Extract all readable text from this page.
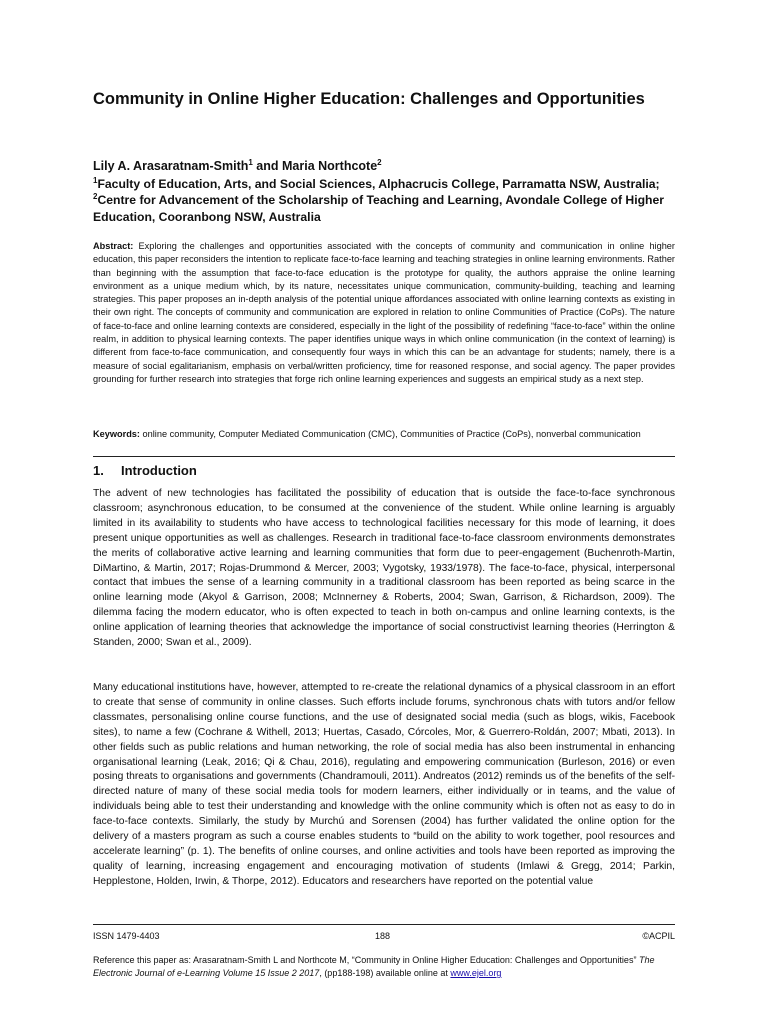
Community in Online Higher Education: Challenges and Opportunities
Lily A. Arasaratnam-Smith$^1$ and Maria Northcote$^2$
$^1$Faculty of Education, Arts, and Social Sciences, Alphacrucis College, Parramatta NSW, Australia;
$^2$Centre for Advancement of the Scholarship of Teaching and Learning, Avondale College of Higher Education, Cooranbong NSW, Australia

Abstract: Exploring the challenges and opportunities associated with the concepts of community and communication in online higher education, this paper reconsiders the intention to replicate face-to-face learning and teaching strategies in online learning environments. Rather than beginning with the assumption that face-to-face education is the prototype for quality, the authors appraise the online learning environment as a unique medium which, by its nature, necessitates unique communication, community-building, teaching and learning strategies. This paper proposes an in-depth analysis of the potential unique affordances associated with online learning contexts as existing in their own right. The concepts of community and communication are explored in relation to online Communities of Practice (CoPs). The nature of face-to-face and online learning contexts are considered, especially in the light of the possibility of redefining “face-to-face” within the online realm, in addition to physical learning contexts. The paper identifies unique ways in which online communication (in the context of learning) is different from face-to-face communication, and consequently four ways in which this can be an advantage for students; namely, there is a measure of social egalitarianism, emphasis on verbal/written proficiency, time for reasoned response, and social agency. The paper provides grounding for further research into strategies that forge rich online learning experiences and suggests an empirical study as a next step.

Keywords: online community, Computer Mediated Communication (CMC), Communities of Practice (CoPs), nonverbal communication

1. Introduction

The advent of new technologies has facilitated the possibility of education that is outside the face-to-face synchronous classroom; asynchronous education, to be consumed at the convenience of the student. While online learning is arguably limited in its availability to students who have access to technological facilities necessary for this mode of learning, it does present unique opportunities as well as challenges. Research in traditional face-to-face classroom environments demonstrates the merits of collaborative active learning and learning communities that form due to peer-engagement (Buchenroth-Martin, DiMartino, & Martin, 2017; Rojas-Drummond & Mercer, 2003; Vygotsky, 1933/1978). The face-to-face, physical, interpersonal contact that imbues the sense of a learning community in a traditional classroom has been reported as being scarce in the online learning mode (Akyol & Garrison, 2008; McInnerney & Roberts, 2004; Swan, Garrison, & Richardson, 2009). The dilemma facing the modern educator, who is often expected to teach in both on-campus and online learning contexts, is the online application of learning theories that acknowledge the importance of social constructivist learning theories (Herrington & Standen, 2000; Swan et al., 2009).

Many educational institutions have, however, attempted to re-create the relational dynamics of a physical classroom in an effort to create that sense of community in online classes. Such efforts include forums, synchronous chats with tutors and/or fellow classmates, personalising online course functions, and the use of designated social media (such as blogs, wikis, Facebook sites), to name a few (Cochrane & Withell, 2013; Huertas, Casado, Córcoles, Mor, & Guerrero-Roldán, 2007; Mbati, 2013). In other fields such as public relations and human networking, the role of social media has also been instrumental in enhancing organisational learning (Leak, 2016; Qi & Chau, 2016), regulating and empowering communication (Burleson, 2016) or even posing threats to organisations and governments (Chandramouli, 2011). Andreatos (2012) reminds us of the benefits of the self-directed nature of many of these social media tools for modern learners, either individually or in teams, and the value of individuals being able to test their understanding and knowledge with the online community which is often not as easy to do in face-to-face contexts. Similarly, the study by Murchú and Sorensen (2004) has further validated the online option for the delivery of a masters program as such a course enables students to “build on the ability to work together, pool resources and accelerate learning” (p. 1). The benefits of online courses, and online activities and tools have been reported as improving the quality of learning, increasing engagement and encouraging motivation of students (Imlawi & Gregg, 2014; Parkin, Hepplestone, Holden, Irwin, & Thorpe, 2012). Educators and researchers have reported on the potential value

ISSN 1479-4403	188	©ACPIL

Reference this paper as: Arasaratnam-Smith L and Northcote M, “Community in Online Higher Education: Challenges and Opportunities” The Electronic Journal of e-Learning Volume 15 Issue 2 2017, (pp188-198) available online at www.ejel.org
